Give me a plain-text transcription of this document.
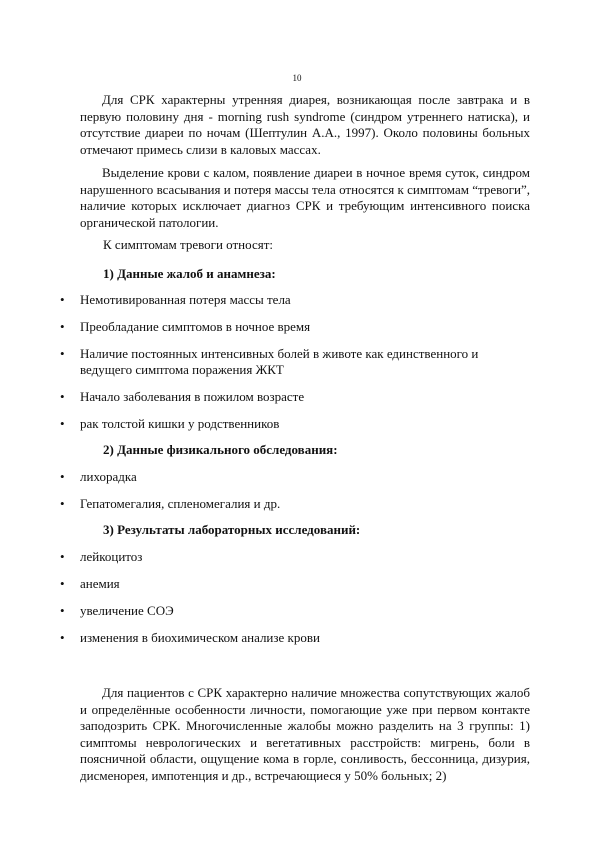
10

Для СРК характерны утренняя диарея, возникающая после завтрака и в первую половину дня - morning rush syndrome (синдром утреннего натиска), и отсутствие диареи по ночам (Шептулин А.А., 1997). Около половины больных отмечают примесь слизи в каловых массах.

Выделение крови с калом, появление диареи в ночное время суток, синдром нарушенного всасывания и потеря массы тела относятся к симптомам “тревоги”, наличие которых исключает диагноз СРК и требующим интенсивного поиска органической патологии.

К симптомам тревоги относят:
1) Данные жалоб и анамнеза:
•	Немотивированная потеря массы тела
•	Преобладание симптомов в ночное время
•	Наличие постоянных интенсивных болей в животе как единственного и ведущего симптома поражения ЖКТ
•	Начало заболевания в пожилом возрасте
•	рак толстой кишки у родственников
2) Данные физикального обследования:
•	лихорадка
•	Гепатомегалия, спленомегалия и др.
3) Результаты лабораторных исследований:
•	лейкоцитоз
•	анемия
•	увеличение СОЭ
•	изменения в биохимическом анализе крови

Для пациентов с СРК характерно наличие множества сопутствующих жалоб и определённые особенности личности, помогающие уже при первом контакте заподозрить СРК. Многочисленные жалобы можно разделить на 3 группы: 1) симптомы неврологических и вегетативных расстройств: мигрень, боли в поясничной области, ощущение кома в горле, сонливость, бессонница, дизурия, дисменорея, импотенция и др., встречающиеся у 50% больных; 2)
